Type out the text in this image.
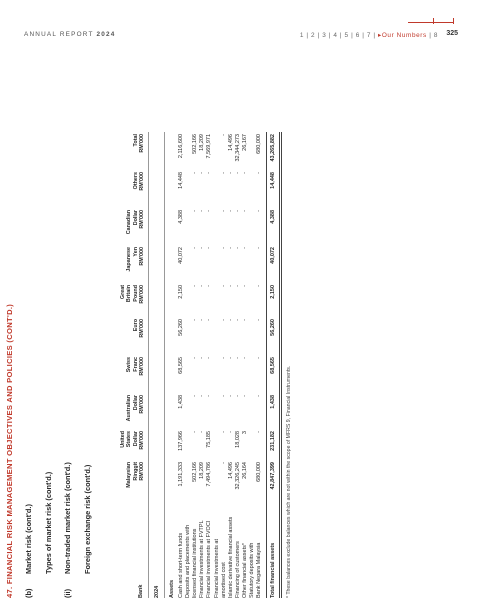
ANNUAL REPORT 2024	1 | 2 | 3 | 4 | 5 | 6 | 7 | ▸Our Numbers | 8 325
47. FINANCIAL RISK MANAGEMENT OBJECTIVES AND POLICIES (CONT'D.) (b)
Market risk (cont'd.) Types of market risk (cont'd.)
(ii)
Non-traded market risk (cont'd.) Foreign exchange risk (cont'd.)
Bank
Malaysian Ringgit RM'000
United States Dollar RM'000
Australian Dollar RM'000
Swiss Franc RM'000
Euro RM'000
Great Britain Pound RM'000
Japanese Yen RM'000
Canadian Dollar RM'000
Others RM'000
Total RM'000
2024 Assets Cash and short-term funds
1,191,333
137,966
1,438
68,565
56,260
2,150
40,072
4,388
14,448
2,116,600
Deposits and placements with licensed financial institutions
502,166
-
-
-
-
-
-
-
-
502,166
Financial investments at FVTPL
18,209
-
-
-
-
-
-
-
-
18,209
Financial investments at FVOCI
7,494,786
75,185
-
-
-
-
-
-
-
7,569,971
Financial investments at amortised cost
-
-
-
-
-
-
-
-
-
-
Islamic derivative financial assets
14,496
-
-
-
-
-
-
-
-
14,496
Financing of customers
32,326,245
18,028
-
-
-
-
-
-
-
32,344,273
Other financial assets*
26,164
3
-
-
-
-
-
-
-
26,167
Statutory deposits with Bank Negara Malaysia
680,000
-
-
-
-
-
-
-
-
680,000
Total financial assets
42,847,399
231,182
1,438
68,565
56,260
2,150
40,072
4,388
14,448
43,265,882
* These balances exclude balances which are not within the scope of MFRS 9, Financial Instruments.
